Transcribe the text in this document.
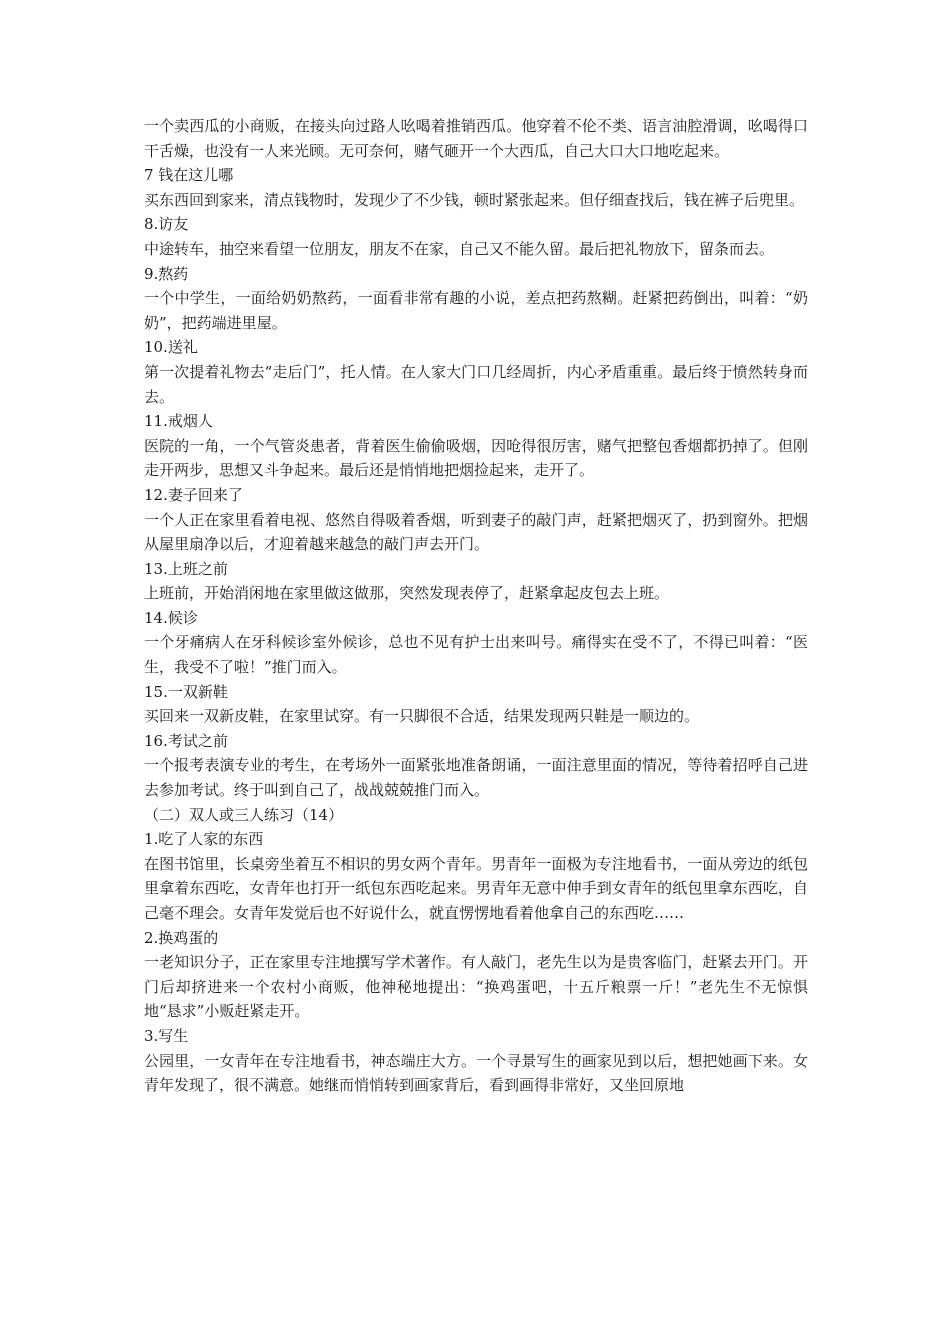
一个卖西瓜的小商贩，在接头向过路人吆喝着推销西瓜。他穿着不伦不类、语言油腔滑调，吆喝得口干舌燥，也没有一人来光顾。无可奈何，赌气砸开一个大西瓜，自己大口大口地吃起来。

7 钱在这儿哪

买东西回到家来，清点钱物时，发现少了不少钱，顿时紧张起来。但仔细查找后，钱在裤子后兜里。

8.访友

中途转车，抽空来看望一位朋友，朋友不在家，自己又不能久留。最后把礼物放下，留条而去。

9.熬药

一个中学生，一面给奶奶熬药，一面看非常有趣的小说，差点把药熬糊。赶紧把药倒出，叫着：“奶奶”，把药端进里屋。

10.送礼

第一次提着礼物去“走后门”，托人情。在人家大门口几经周折，内心矛盾重重。最后终于愤然转身而去。

11.戒烟人

医院的一角，一个气管炎患者，背着医生偷偷吸烟，因呛得很厉害，赌气把整包香烟都扔掉了。但刚走开两步，思想又斗争起来。最后还是悄悄地把烟捡起来，走开了。

12.妻子回来了

一个人正在家里看着电视、悠然自得吸着香烟，听到妻子的敲门声，赶紧把烟灭了，扔到窗外。把烟从屋里扇净以后，才迎着越来越急的敲门声去开门。

13.上班之前

上班前，开始消闲地在家里做这做那，突然发现表停了，赶紧拿起皮包去上班。

14.候诊

一个牙痛病人在牙科候诊室外候诊，总也不见有护士出来叫号。痛得实在受不了，不得已叫着：“医生，我受不了啦！”推门而入。

15.一双新鞋

买回来一双新皮鞋，在家里试穿。有一只脚很不合适，结果发现两只鞋是一顺边的。

16.考试之前

一个报考表演专业的考生，在考场外一面紧张地准备朗诵，一面注意里面的情况，等待着招呼自己进去参加考试。终于叫到自己了，战战兢兢推门而入。

（二）双人或三人练习（14）

1.吃了人家的东西

在图书馆里，长桌旁坐着互不相识的男女两个青年。男青年一面极为专注地看书，一面从旁边的纸包里拿着东西吃，女青年也打开一纸包东西吃起来。男青年无意中伸手到女青年的纸包里拿东西吃，自己毫不理会。女青年发觉后也不好说什么，就直愣愣地看着他拿自己的东西吃……

2.换鸡蛋的

一老知识分子，正在家里专注地撰写学术著作。有人敲门，老先生以为是贵客临门，赶紧去开门。开门后却挤进来一个农村小商贩，他神秘地提出：“换鸡蛋吧，十五斤粮票一斤！”老先生不无惊惧地“恳求”小贩赶紧走开。

3.写生

公园里，一女青年在专注地看书，神态端庄大方。一个寻景写生的画家见到以后，想把她画下来。女青年发现了，很不满意。她继而悄悄转到画家背后，看到画得非常好，又坐回原地
